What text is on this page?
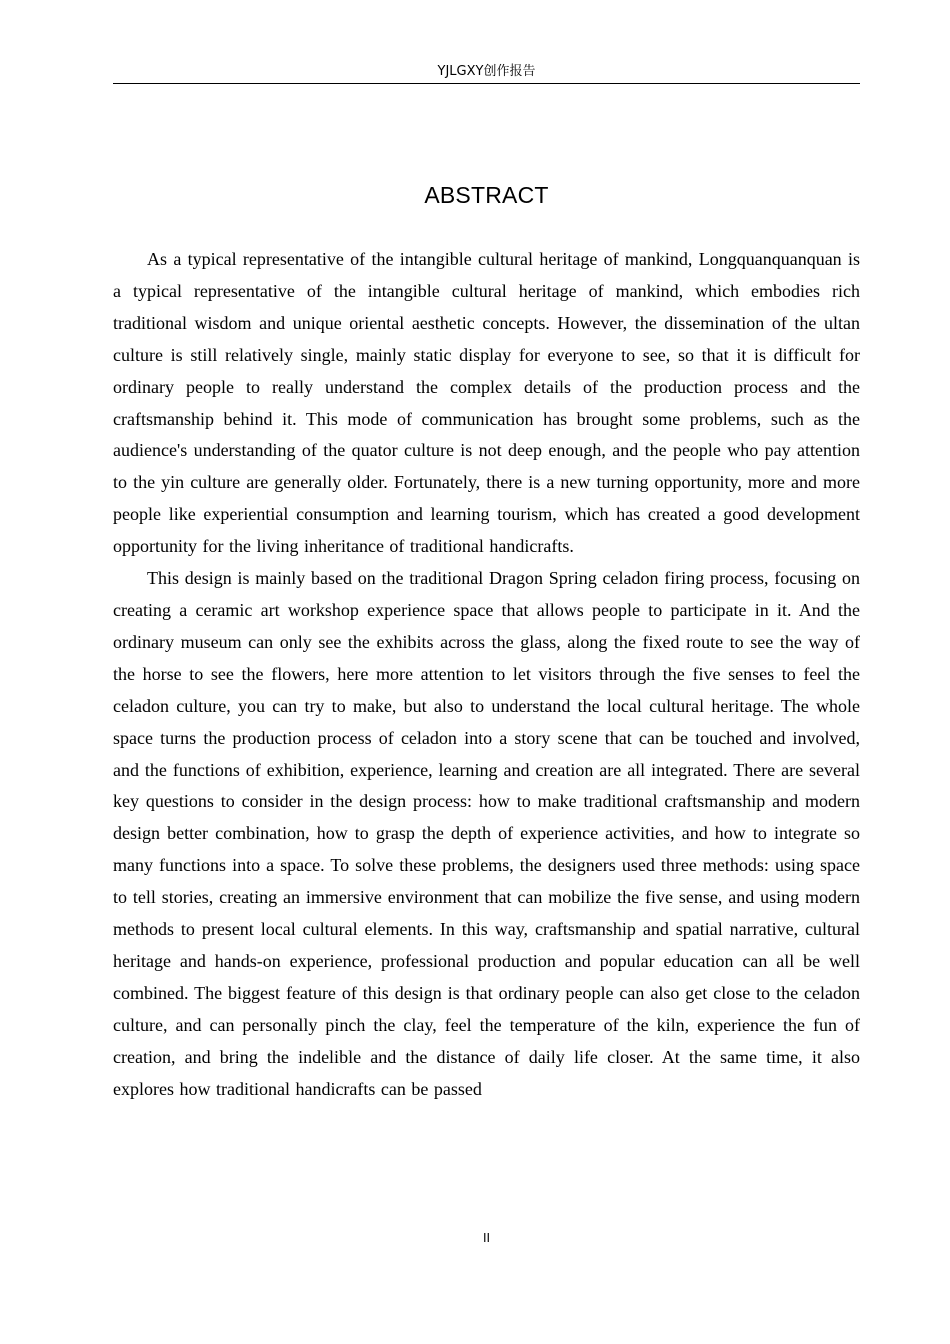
YJLGXY创作报告
ABSTRACT

As a typical representative of the intangible cultural heritage of mankind, Longquanquanquan is a typical representative of the intangible cultural heritage of mankind, which embodies rich traditional wisdom and unique oriental aesthetic concepts. However, the dissemination of the ultan culture is still relatively single, mainly static display for everyone to see, so that it is difficult for ordinary people to really understand the complex details of the production process and the craftsmanship behind it. This mode of communication has brought some problems, such as the audience's understanding of the quator culture is not deep enough, and the people who pay attention to the yin culture are generally older. Fortunately, there is a new turning opportunity, more and more people like experiential consumption and learning tourism, which has created a good development opportunity for the living inheritance of traditional handicrafts.

This design is mainly based on the traditional Dragon Spring celadon firing process, focusing on creating a ceramic art workshop experience space that allows people to participate in it. And the ordinary museum can only see the exhibits across the glass, along the fixed route to see the way of the horse to see the flowers, here more attention to let visitors through the five senses to feel the celadon culture, you can try to make, but also to understand the local cultural heritage. The whole space turns the production process of celadon into a story scene that can be touched and involved, and the functions of exhibition, experience, learning and creation are all integrated. There are several key questions to consider in the design process: how to make traditional craftsmanship and modern design better combination, how to grasp the depth of experience activities, and how to integrate so many functions into a space. To solve these problems, the designers used three methods: using space to tell stories, creating an immersive environment that can mobilize the five sense, and using modern methods to present local cultural elements. In this way, craftsmanship and spatial narrative, cultural heritage and hands-on experience, professional production and popular education can all be well combined. The biggest feature of this design is that ordinary people can also get close to the celadon culture, and can personally pinch the clay, feel the temperature of the kiln, experience the fun of creation, and bring the indelible and the distance of daily life closer. At the same time, it also explores how traditional handicrafts can be passed

II
